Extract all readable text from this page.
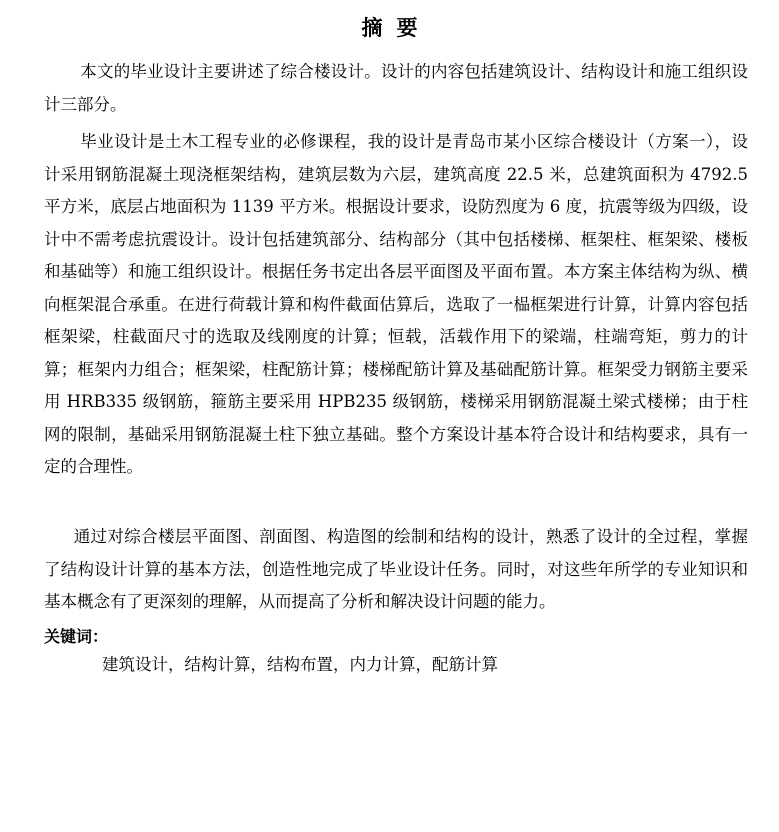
摘要

本文的毕业设计主要讲述了综合楼设计。设计的内容包括建筑设计、结构设计和施工组织设计三部分。

毕业设计是土木工程专业的必修课程，我的设计是青岛市某小区综合楼设计（方案一），设计采用钢筋混凝土现浇框架结构，建筑层数为六层，建筑高度 22.5 米，总建筑面积为 4792.5 平方米，底层占地面积为 1139 平方米。根据设计要求，设防烈度为 6 度，抗震等级为四级，设计中不需考虑抗震设计。设计包括建筑部分、结构部分（其中包括楼梯、框架柱、框架梁、楼板和基础等）和施工组织设计。根据任务书定出各层平面图及平面布置。本方案主体结构为纵、横向框架混合承重。在进行荷载计算和构件截面估算后，选取了一榀框架进行计算，计算内容包括框架梁，柱截面尺寸的选取及线刚度的计算；恒载，活载作用下的梁端，柱端弯矩，剪力的计算；框架内力组合；框架梁，柱配筋计算；楼梯配筋计算及基础配筋计算。框架受力钢筋主要采用 HRB335 级钢筋，箍筋主要采用 HPB235 级钢筋，楼梯采用钢筋混凝土梁式楼梯；由于柱网的限制，基础采用钢筋混凝土柱下独立基础。整个方案设计基本符合设计和结构要求，具有一定的合理性。

通过对综合楼层平面图、剖面图、构造图的绘制和结构的设计，熟悉了设计的全过程，掌握了结构设计计算的基本方法，创造性地完成了毕业设计任务。同时，对这些年所学的专业知识和基本概念有了更深刻的理解，从而提高了分析和解决设计问题的能力。

关键词：
建筑设计，结构计算，结构布置，内力计算，配筋计算
